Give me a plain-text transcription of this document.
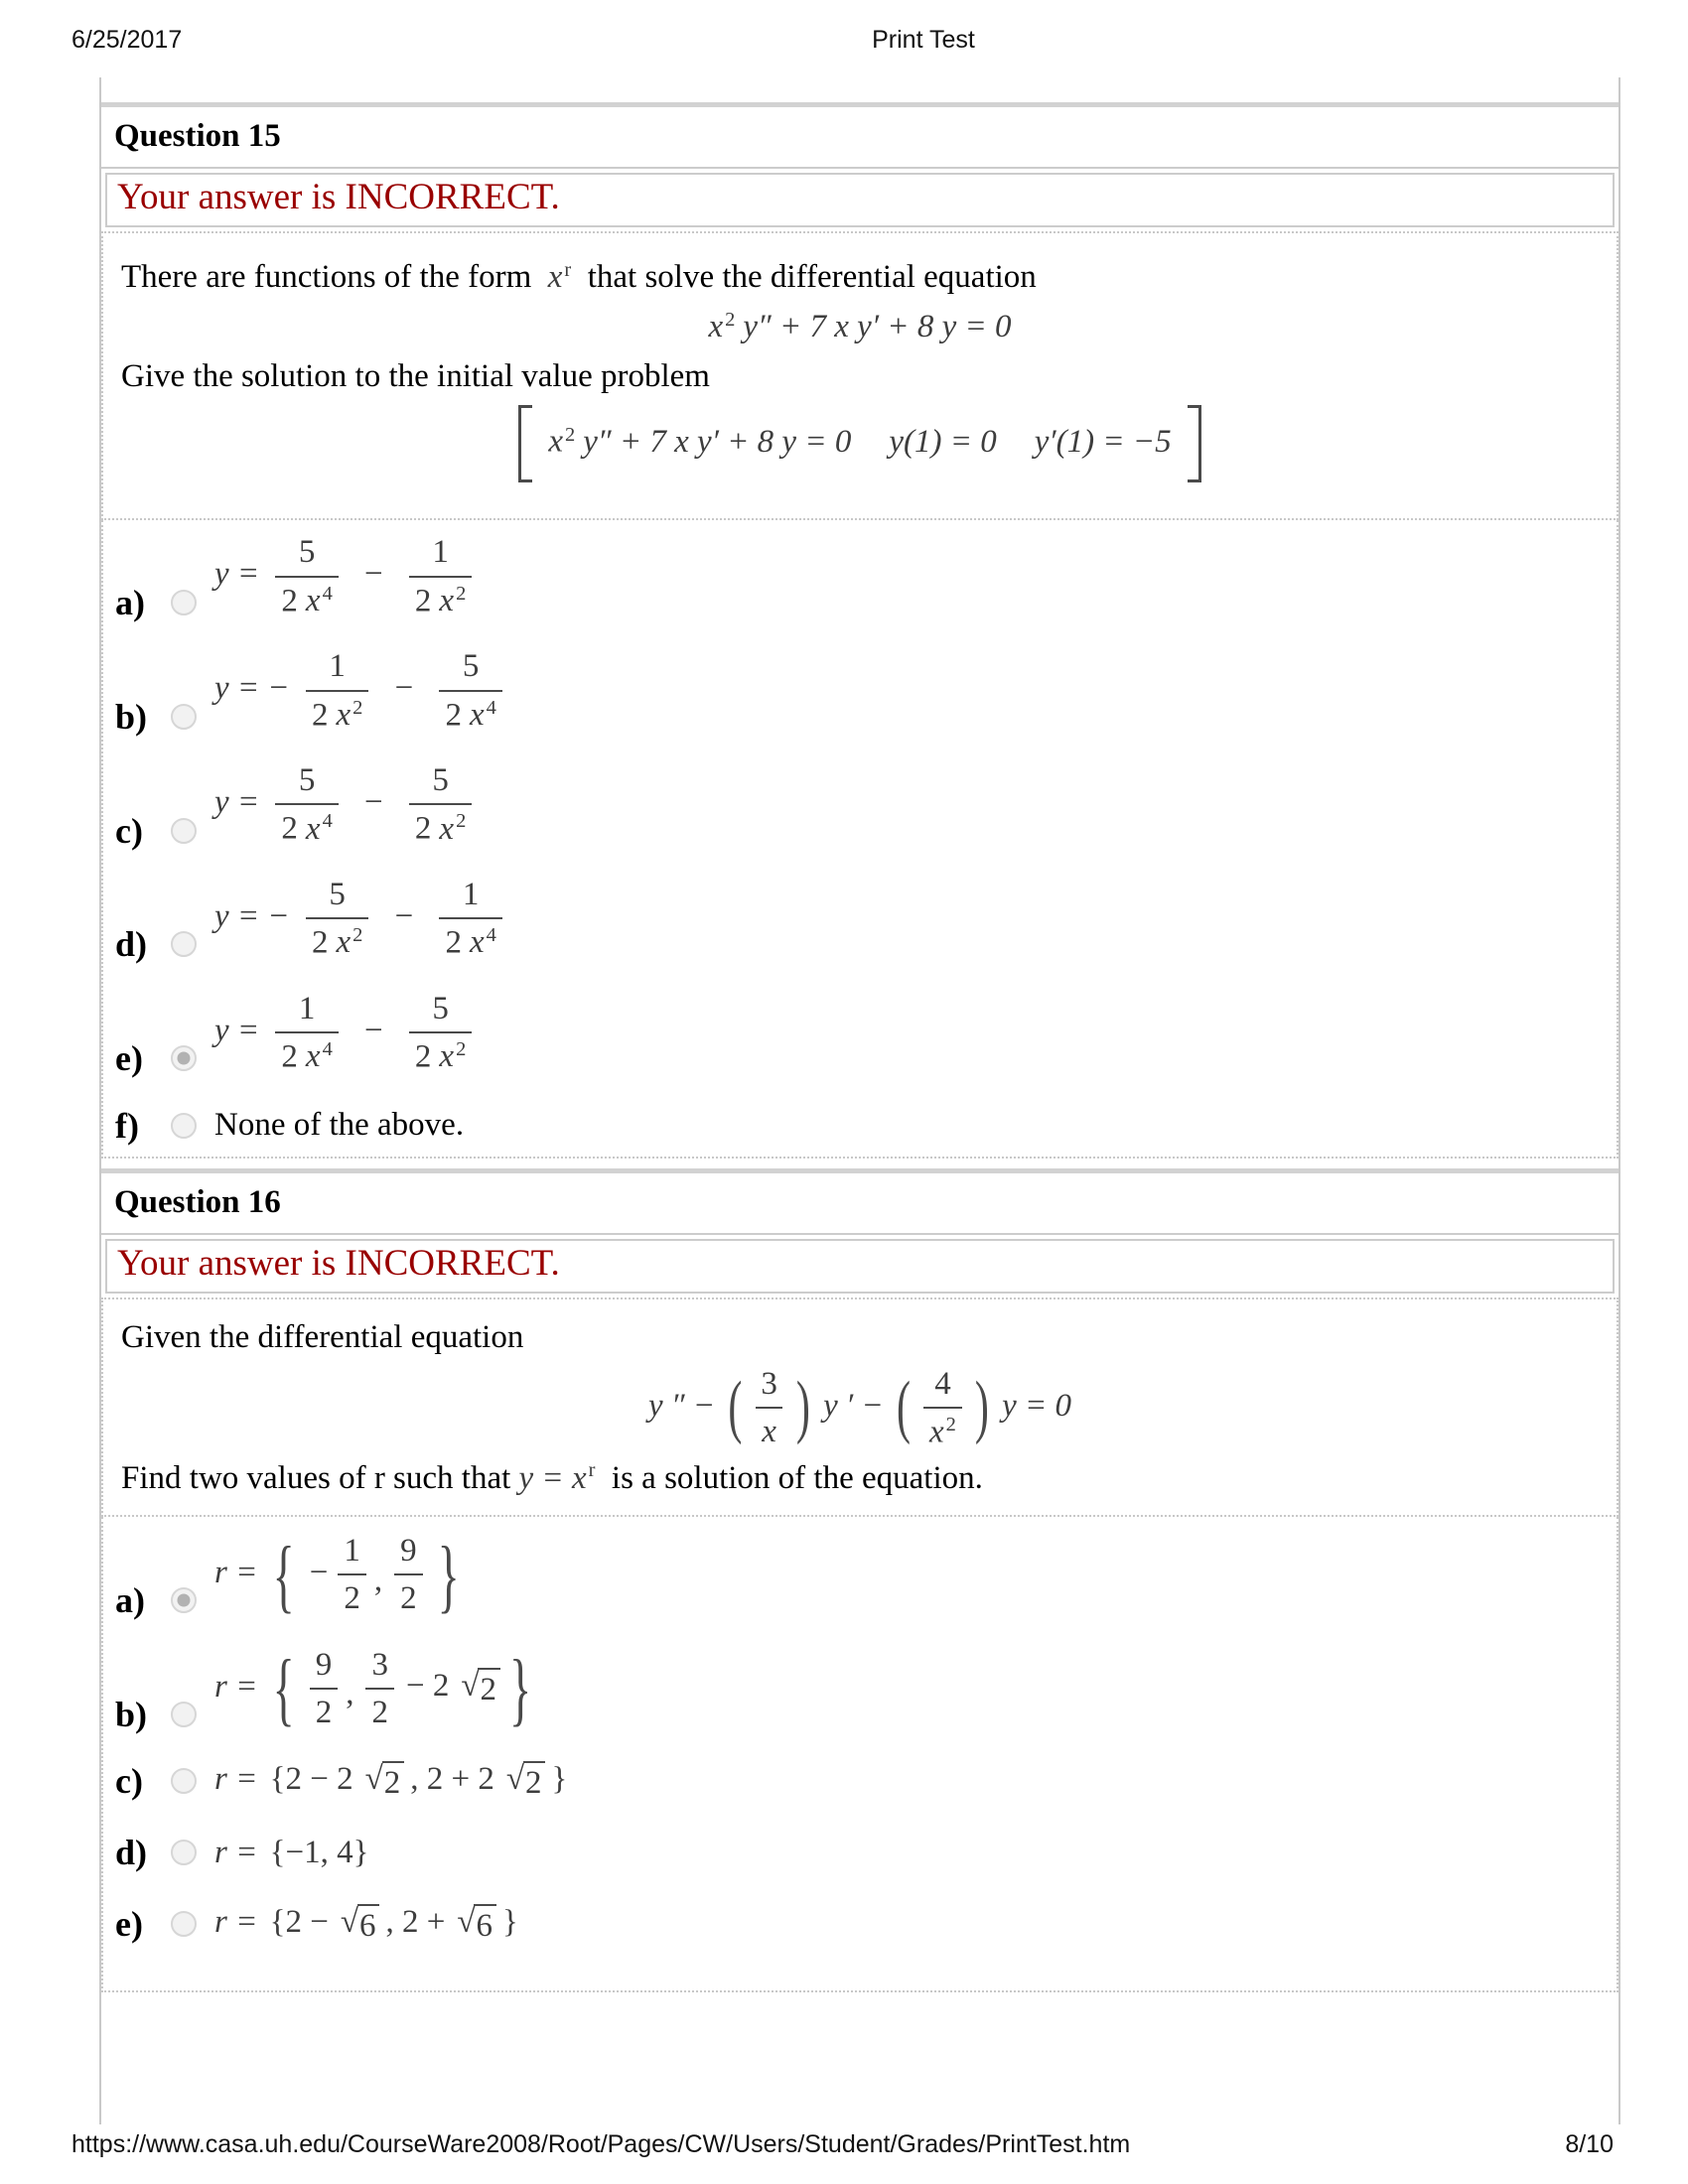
6/25/2017	Print Test
Question 15
Your answer is INCORRECT.
There are functions of the form $x^r$ that solve the differential equation
$x^2$ y″ + 7 x y′ + 8 y = 0
Give the solution to the initial value problem
$x^2$ y″ + 7 x y′ + 8 y = 0 y(1) = 0 y′(1) = −5
a)
$y = \frac{5}{2 x^4} - \frac{1}{2 x^2}$
b)
y = − $\frac{1}{2 x^2} - \frac{5}{2 x^4}$
c)
$y = \frac{5}{2 x^4} - \frac{5}{2 x^2}$
d)
y = − $\frac{5}{2 x^2} - \frac{1}{2 x^4}$
e)
$y = \frac{1}{2 x^4} - \frac{5}{2 x^2}$
f)	None of the above.
Question 16
Your answer is INCORRECT.
Given the differential equation
y ″ − ( $\frac{3}{x}$ ) y ′ − ( $\frac{4}{x^2}$ ) y = 0
Find two values of r such that $y = x^r$ is a solution of the equation.
a)
r = { − $\frac{1}{2}$ , $\frac{9}{2}$ }
b)
r = { $\frac{9}{2}$ , $\frac{3}{2} - 2$ √ 2 }
c)	r = {2 − 2 √ 2 , 2 + 2 √ 2 }
d)	r = {−1, 4}
e)	r = {2 − √ 6 , 2 + √ 6 }
https://www.casa.uh.edu/CourseWare2008/Root/Pages/CW/Users/Student/Grades/PrintTest.htm	8/10
